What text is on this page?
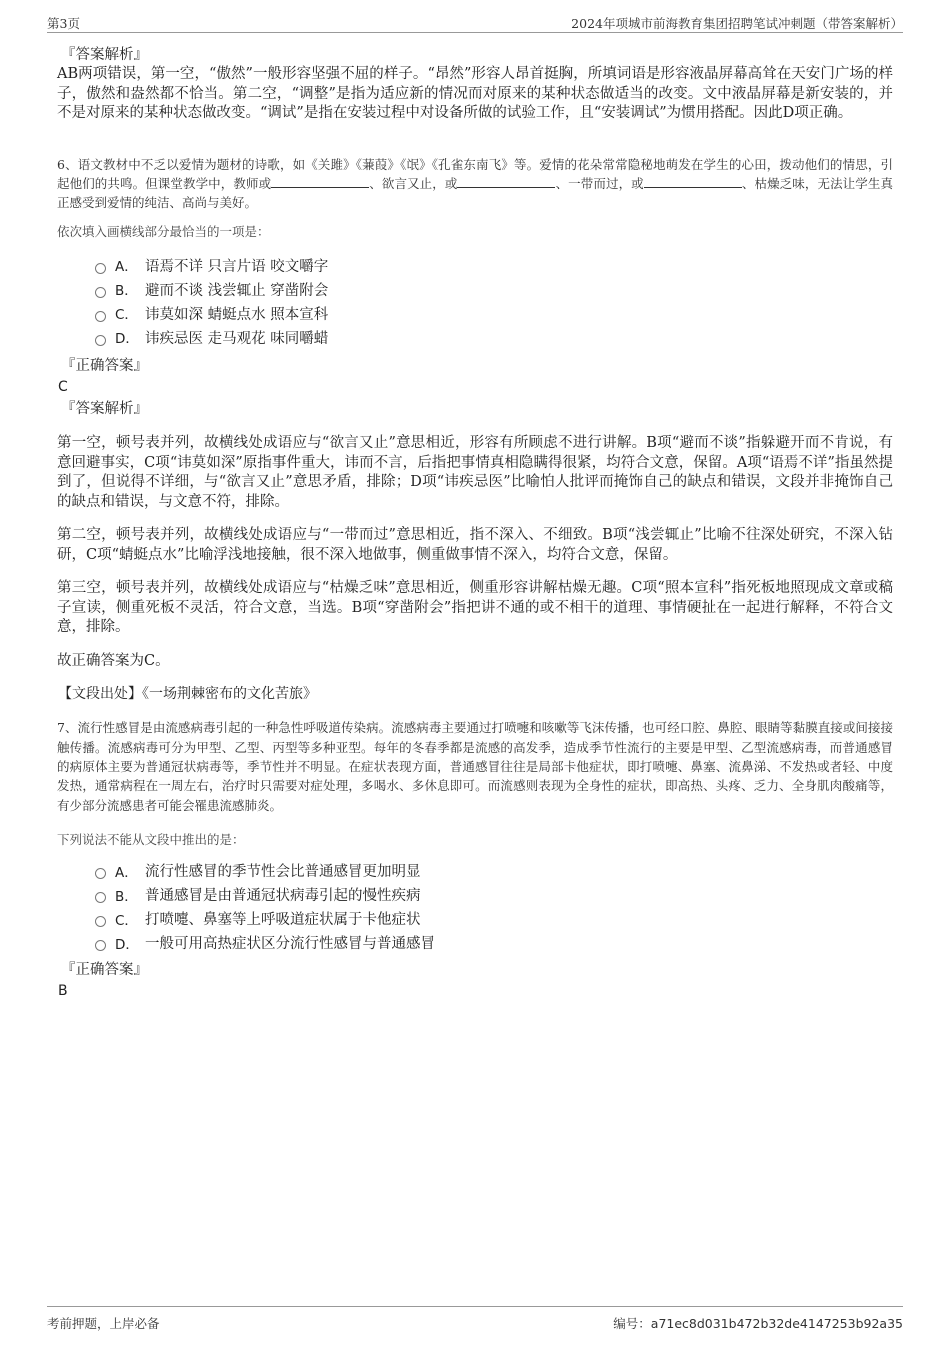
第3页	2024年项城市前海教育集团招聘笔试冲刺题（带答案解析）

『答案解析』

AB两项错误，第一空，“傲然”一般形容坚强不屈的样子。“昂然”形容人昂首挺胸，所填词语是形容液晶屏幕高耸在天安门广场的样子，傲然和盎然都不恰当。第二空，“调整”是指为适应新的情况而对原来的某种状态做适当的改变。文中液晶屏幕是新安装的，并不是对原来的某种状态做改变。“调试”是指在安装过程中对设备所做的试验工作，且“安装调试”为惯用搭配。因此D项正确。

6、语文教材中不乏以爱情为题材的诗歌，如《关雎》《蒹葭》《氓》《孔雀东南飞》等。爱情的花朵常常隐秘地萌发在学生的心田，拨动他们的情思，引起他们的共鸣。但课堂教学中，教师或	、欲言又止，或	、一带而过，或	、枯燥乏味，无法让学生真正感受到爱情的纯洁、高尚与美好。

依次填入画横线部分最恰当的一项是：

A． 语焉不详 只言片语 咬文嚼字
B． 避而不谈 浅尝辄止 穿凿附会
C． 讳莫如深 蜻蜓点水 照本宣科
D． 讳疾忌医 走马观花 味同嚼蜡

『正确答案』

C

『答案解析』

第一空，顿号表并列，故横线处成语应与“欲言又止”意思相近，形容有所顾虑不进行讲解。B项“避而不谈”指躲避开而不肯说，有意回避事实，C项“讳莫如深”原指事件重大，讳而不言，后指把事情真相隐瞒得很紧，均符合文意，保留。A项“语焉不详”指虽然提到了，但说得不详细，与“欲言又止”意思矛盾，排除；D项“讳疾忌医”比喻怕人批评而掩饰自己的缺点和错误，文段并非掩饰自己的缺点和错误，与文意不符，排除。

第二空，顿号表并列，故横线处成语应与“一带而过”意思相近，指不深入、不细致。B项“浅尝辄止”比喻不往深处研究，不深入钻研，C项“蜻蜓点水”比喻浮浅地接触，很不深入地做事，侧重做事情不深入，均符合文意，保留。

第三空，顿号表并列，故横线处成语应与“枯燥乏味”意思相近，侧重形容讲解枯燥无趣。C项“照本宣科”指死板地照现成文章或稿子宣读，侧重死板不灵活，符合文意，当选。B项“穿凿附会”指把讲不通的或不相干的道理、事情硬扯在一起进行解释，不符合文意，排除。

故正确答案为C。

【文段出处】《一场荆棘密布的文化苦旅》

7、流行性感冒是由流感病毒引起的一种急性呼吸道传染病。流感病毒主要通过打喷嚏和咳嗽等飞沫传播，也可经口腔、鼻腔、眼睛等黏膜直接或间接接触传播。流感病毒可分为甲型、乙型、丙型等多种亚型。每年的冬春季都是流感的高发季，造成季节性流行的主要是甲型、乙型流感病毒，而普通感冒的病原体主要为普通冠状病毒等，季节性并不明显。在症状表现方面，普通感冒往往是局部卡他症状，即打喷嚏、鼻塞、流鼻涕、不发热或者轻、中度发热，通常病程在一周左右，治疗时只需要对症处理，多喝水、多休息即可。而流感则表现为全身性的症状，即高热、头疼、乏力、全身肌肉酸痛等，有少部分流感患者可能会罹患流感肺炎。

下列说法不能从文段中推出的是：

A． 流行性感冒的季节性会比普通感冒更加明显
B． 普通感冒是由普通冠状病毒引起的慢性疾病
C． 打喷嚏、鼻塞等上呼吸道症状属于卡他症状
D． 一般可用高热症状区分流行性感冒与普通感冒

『正确答案』

B

考前押题，上岸必备	编号：a71ec8d031b472b32de4147253b92a35
